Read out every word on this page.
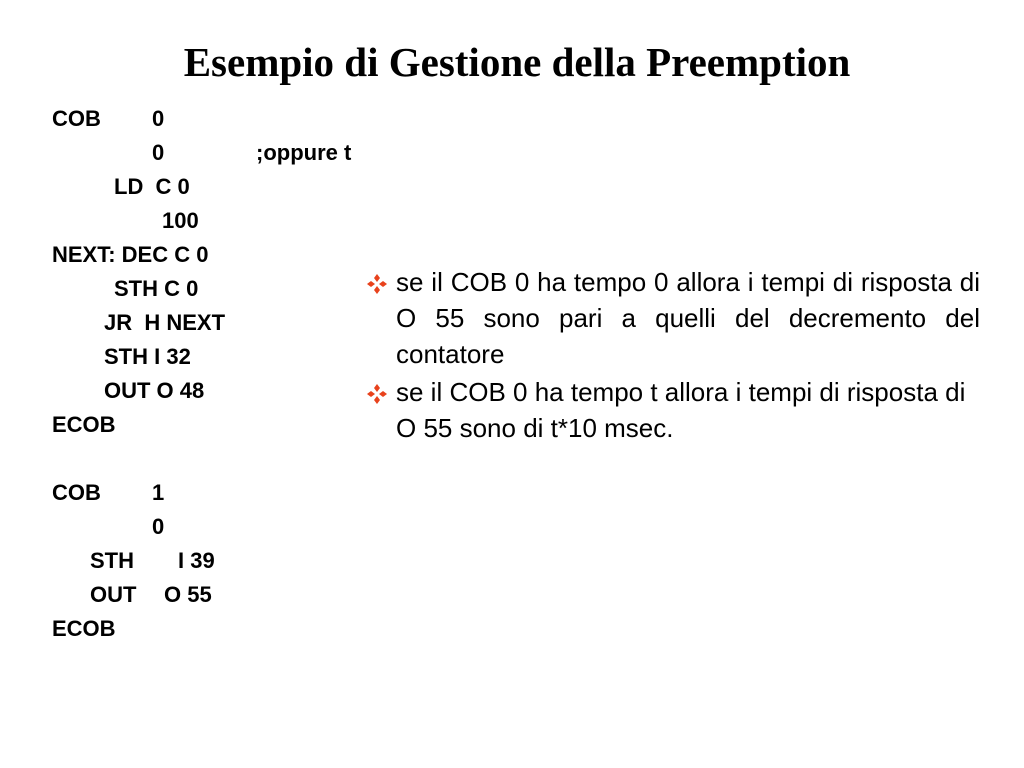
Esempio di Gestione della Preemption

COB

0

0

	;oppure t

LD  C 0

100

NEXT: DEC C 0

STH C 0

JR  H NEXT

STH I 32

OUT O 48

ECOB

COB

1

0

STH

I 39

OUT

O 55

ECOB

se il COB 0 ha tempo 0 allora i tempi di risposta di O 55 sono pari a quelli del decremento del contatore
se il COB 0 ha tempo t allora i tempi di risposta di O 55 sono di t*10 msec.
